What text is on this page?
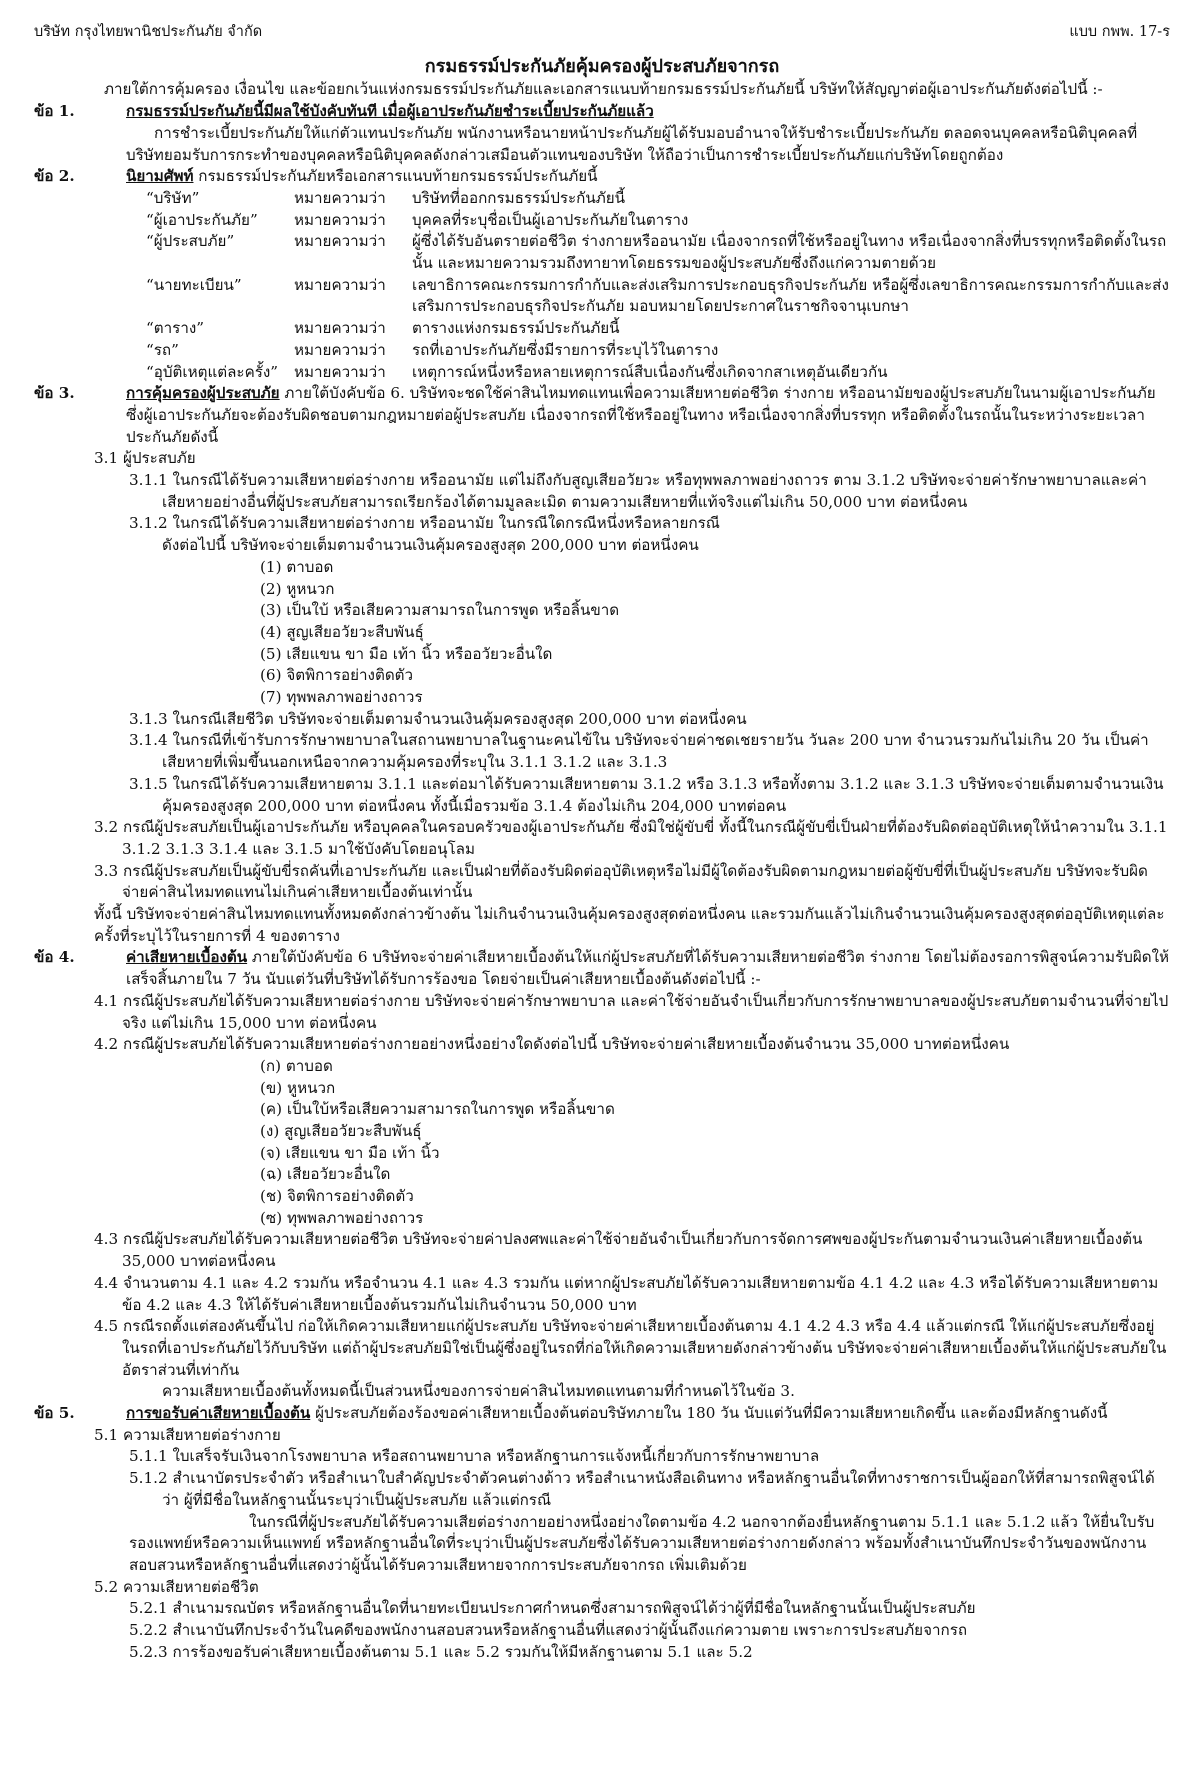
บริษัท กรุงไทยพานิชประกันภัย จำกัด	แบบ กพพ. 17-ร
กรมธรรม์ประกันภัยคุ้มครองผู้ประสบภัยจากรถ

ภายใต้การคุ้มครอง เงื่อนไข และข้อยกเว้นแห่งกรมธรรม์ประกันภัยและเอกสารแนบท้ายกรมธรรม์ประกันภัยนี้ บริษัทให้สัญญาต่อผู้เอาประกันภัยดังต่อไปนี้ :-

ข้อ 1.	กรมธรรม์ประกันภัยนี้มีผลใช้บังคับทันที เมื่อผู้เอาประกันภัยชำระเบี้ยประกันภัยแล้ว

การชำระเบี้ยประกันภัยให้แก่ตัวแทนประกันภัย พนักงานหรือนายหน้าประกันภัยผู้ได้รับมอบอำนาจให้รับชำระเบี้ยประกันภัย ตลอดจนบุคคลหรือนิติบุคคลที่บริษัทยอมรับการกระทำของบุคคลหรือนิติบุคคลดังกล่าวเสมือนตัวแทนของบริษัท ให้ถือว่าเป็นการชำระเบี้ยประกันภัยแก่บริษัทโดยถูกต้อง

ข้อ 2.	นิยามศัพท์ กรมธรรม์ประกันภัยหรือเอกสารแนบท้ายกรมธรรม์ประกันภัยนี้

“บริษัท”	หมายความว่า	บริษัทที่ออกกรมธรรม์ประกันภัยนี้
“ผู้เอาประกันภัย”	หมายความว่า	บุคคลที่ระบุชื่อเป็นผู้เอาประกันภัยในตาราง
“ผู้ประสบภัย”	หมายความว่า	ผู้ซึ่งได้รับอันตรายต่อชีวิต ร่างกายหรืออนามัย เนื่องจากรถที่ใช้หรืออยู่ในทาง หรือเนื่องจากสิ่งที่บรรทุกหรือติดตั้งในรถนั้น และหมายความรวมถึงทายาทโดยธรรมของผู้ประสบภัยซึ่งถึงแก่ความตายด้วย
“นายทะเบียน”	หมายความว่า	เลขาธิการคณะกรรมการกำกับและส่งเสริมการประกอบธุรกิจประกันภัย หรือผู้ซึ่งเลขาธิการคณะกรรมการกำกับและส่งเสริมการประกอบธุรกิจประกันภัย มอบหมายโดยประกาศในราชกิจจานุเบกษา
“ตาราง”	หมายความว่า	ตารางแห่งกรมธรรม์ประกันภัยนี้
“รถ”	หมายความว่า	รถที่เอาประกันภัยซึ่งมีรายการที่ระบุไว้ในตาราง
“อุบัติเหตุแต่ละครั้ง”	หมายความว่า	เหตุการณ์หนึ่งหรือหลายเหตุการณ์สืบเนื่องกันซึ่งเกิดจากสาเหตุอันเดียวกัน
ข้อ 3.	การคุ้มครองผู้ประสบภัย ภายใต้บังคับข้อ 6. บริษัทจะชดใช้ค่าสินไหมทดแทนเพื่อความเสียหายต่อชีวิต ร่างกาย หรืออนามัยของผู้ประสบภัยในนามผู้เอาประกันภัย ซึ่งผู้เอาประกันภัยจะต้องรับผิดชอบตามกฎหมายต่อผู้ประสบภัย เนื่องจากรถที่ใช้หรืออยู่ในทาง หรือเนื่องจากสิ่งที่บรรทุก หรือติดตั้งในรถนั้นในระหว่างระยะเวลาประกันภัยดังนี้

3.1 ผู้ประสบภัย

3.1.1 ในกรณีได้รับความเสียหายต่อร่างกาย หรืออนามัย แต่ไม่ถึงกับสูญเสียอวัยวะ หรือทุพพลภาพอย่างถาวร ตาม 3.1.2 บริษัทจะจ่ายค่ารักษาพยาบาลและค่าเสียหายอย่างอื่นที่ผู้ประสบภัยสามารถเรียกร้องได้ตามมูลละเมิด ตามความเสียหายที่แท้จริงแต่ไม่เกิน 50,000 บาท ต่อหนึ่งคน

3.1.2 ในกรณีได้รับความเสียหายต่อร่างกาย หรืออนามัย ในกรณีใดกรณีหนึ่งหรือหลายกรณี

ดังต่อไปนี้ บริษัทจะจ่ายเต็มตามจำนวนเงินคุ้มครองสูงสุด 200,000 บาท ต่อหนึ่งคน

(1) ตาบอด
(2) หูหนวก
(3) เป็นใบ้ หรือเสียความสามารถในการพูด หรือลิ้นขาด
(4) สูญเสียอวัยวะสืบพันธุ์
(5) เสียแขน ขา มือ เท้า นิ้ว หรืออวัยวะอื่นใด
(6) จิตพิการอย่างติดตัว
(7) ทุพพลภาพอย่างถาวร

3.1.3 ในกรณีเสียชีวิต บริษัทจะจ่ายเต็มตามจำนวนเงินคุ้มครองสูงสุด 200,000 บาท ต่อหนึ่งคน

3.1.4 ในกรณีที่เข้ารับการรักษาพยาบาลในสถานพยาบาลในฐานะคนไข้ใน บริษัทจะจ่ายค่าชดเชยรายวัน วันละ 200 บาท จำนวนรวมกันไม่เกิน 20 วัน เป็นค่าเสียหายที่เพิ่มขึ้นนอกเหนือจากความคุ้มครองที่ระบุใน 3.1.1 3.1.2 และ 3.1.3

3.1.5 ในกรณีได้รับความเสียหายตาม 3.1.1 และต่อมาได้รับความเสียหายตาม 3.1.2 หรือ 3.1.3 หรือทั้งตาม 3.1.2 และ 3.1.3 บริษัทจะจ่ายเต็มตามจำนวนเงินคุ้มครองสูงสุด 200,000 บาท ต่อหนึ่งคน ทั้งนี้เมื่อรวมข้อ 3.1.4 ต้องไม่เกิน 204,000 บาทต่อคน

3.2 กรณีผู้ประสบภัยเป็นผู้เอาประกันภัย หรือบุคคลในครอบครัวของผู้เอาประกันภัย ซึ่งมิใช่ผู้ขับขี่ ทั้งนี้ในกรณีผู้ขับขี่เป็นฝ่ายที่ต้องรับผิดต่ออุบัติเหตุให้นำความใน 3.1.1 3.1.2 3.1.3 3.1.4 และ 3.1.5 มาใช้บังคับโดยอนุโลม

3.3 กรณีผู้ประสบภัยเป็นผู้ขับขี่รถคันที่เอาประกันภัย และเป็นฝ่ายที่ต้องรับผิดต่ออุบัติเหตุหรือไม่มีผู้ใดต้องรับผิดตามกฎหมายต่อผู้ขับขี่ที่เป็นผู้ประสบภัย บริษัทจะรับผิดจ่ายค่าสินไหมทดแทนไม่เกินค่าเสียหายเบื้องต้นเท่านั้น

ทั้งนี้ บริษัทจะจ่ายค่าสินไหมทดแทนทั้งหมดดังกล่าวข้างต้น ไม่เกินจำนวนเงินคุ้มครองสูงสุดต่อหนึ่งคน และรวมกันแล้วไม่เกินจำนวนเงินคุ้มครองสูงสุดต่ออุบัติเหตุแต่ละครั้งที่ระบุไว้ในรายการที่ 4 ของตาราง

ข้อ 4.	ค่าเสียหายเบื้องต้น ภายใต้บังคับข้อ 6 บริษัทจะจ่ายค่าเสียหายเบื้องต้นให้แก่ผู้ประสบภัยที่ได้รับความเสียหายต่อชีวิต ร่างกาย โดยไม่ต้องรอการพิสูจน์ความรับผิดให้เสร็จสิ้นภายใน 7 วัน นับแต่วันที่บริษัทได้รับการร้องขอ โดยจ่ายเป็นค่าเสียหายเบื้องต้นดังต่อไปนี้ :-

4.1 กรณีผู้ประสบภัยได้รับความเสียหายต่อร่างกาย บริษัทจะจ่ายค่ารักษาพยาบาล และค่าใช้จ่ายอันจำเป็นเกี่ยวกับการรักษาพยาบาลของผู้ประสบภัยตามจำนวนที่จ่ายไปจริง แต่ไม่เกิน 15,000 บาท ต่อหนึ่งคน

4.2 กรณีผู้ประสบภัยได้รับความเสียหายต่อร่างกายอย่างหนึ่งอย่างใดดังต่อไปนี้ บริษัทจะจ่ายค่าเสียหายเบื้องต้นจำนวน 35,000 บาทต่อหนึ่งคน

(ก) ตาบอด
(ข) หูหนวก
(ค) เป็นใบ้หรือเสียความสามารถในการพูด หรือลิ้นขาด
(ง) สูญเสียอวัยวะสืบพันธุ์
(จ) เสียแขน ขา มือ เท้า นิ้ว
(ฉ) เสียอวัยวะอื่นใด
(ช) จิตพิการอย่างติดตัว
(ซ) ทุพพลภาพอย่างถาวร

4.3 กรณีผู้ประสบภัยได้รับความเสียหายต่อชีวิต บริษัทจะจ่ายค่าปลงศพและค่าใช้จ่ายอันจำเป็นเกี่ยวกับการจัดการศพของผู้ประกันตามจำนวนเงินค่าเสียหายเบื้องต้น 35,000 บาทต่อหนึ่งคน

4.4 จำนวนตาม 4.1 และ 4.2 รวมกัน หรือจำนวน 4.1 และ 4.3 รวมกัน แต่หากผู้ประสบภัยได้รับความเสียหายตามข้อ 4.1 4.2 และ 4.3 หรือได้รับความเสียหายตามข้อ 4.2 และ 4.3 ให้ได้รับค่าเสียหายเบื้องต้นรวมกันไม่เกินจำนวน 50,000 บาท

4.5 กรณีรถตั้งแต่สองคันขึ้นไป ก่อให้เกิดความเสียหายแก่ผู้ประสบภัย บริษัทจะจ่ายค่าเสียหายเบื้องต้นตาม 4.1 4.2 4.3 หรือ 4.4 แล้วแต่กรณี ให้แก่ผู้ประสบภัยซึ่งอยู่ในรถที่เอาประกันภัยไว้กับบริษัท แต่ถ้าผู้ประสบภัยมิใช่เป็นผู้ซึ่งอยู่ในรถที่ก่อให้เกิดความเสียหายดังกล่าวข้างต้น บริษัทจะจ่ายค่าเสียหายเบื้องต้นให้แก่ผู้ประสบภัยในอัตราส่วนที่เท่ากัน

ความเสียหายเบื้องต้นทั้งหมดนี้เป็นส่วนหนึ่งของการจ่ายค่าสินไหมทดแทนตามที่กำหนดไว้ในข้อ 3.

ข้อ 5.	การขอรับค่าเสียหายเบื้องต้น ผู้ประสบภัยต้องร้องขอค่าเสียหายเบื้องต้นต่อบริษัทภายใน 180 วัน นับแต่วันที่มีความเสียหายเกิดขึ้น และต้องมีหลักฐานดังนี้

5.1 ความเสียหายต่อร่างกาย

5.1.1 ใบเสร็จรับเงินจากโรงพยาบาล หรือสถานพยาบาล หรือหลักฐานการแจ้งหนี้เกี่ยวกับการรักษาพยาบาล

5.1.2 สำเนาบัตรประจำตัว หรือสำเนาใบสำคัญประจำตัวคนต่างด้าว หรือสำเนาหนังสือเดินทาง หรือหลักฐานอื่นใดที่ทางราชการเป็นผู้ออกให้ที่สามารถพิสูจน์ได้ว่า ผู้ที่มีชื่อในหลักฐานนั้นระบุว่าเป็นผู้ประสบภัย แล้วแต่กรณี

ในกรณีที่ผู้ประสบภัยได้รับความเสียต่อร่างกายอย่างหนึ่งอย่างใดตามข้อ 4.2 นอกจากต้องยื่นหลักฐานตาม 5.1.1 และ 5.1.2 แล้ว ให้ยื่นใบรับรองแพทย์หรือความเห็นแพทย์ หรือหลักฐานอื่นใดที่ระบุว่าเป็นผู้ประสบภัยซึ่งได้รับความเสียหายต่อร่างกายดังกล่าว พร้อมทั้งสำเนาบันทึกประจำวันของพนักงานสอบสวนหรือหลักฐานอื่นที่แสดงว่าผู้นั้นได้รับความเสียหายจากการประสบภัยจากรถ เพิ่มเติมด้วย

5.2 ความเสียหายต่อชีวิต

5.2.1 สำเนามรณบัตร หรือหลักฐานอื่นใดที่นายทะเบียนประกาศกำหนดซึ่งสามารถพิสูจน์ได้ว่าผู้ที่มีชื่อในหลักฐานนั้นเป็นผู้ประสบภัย

5.2.2 สำเนาบันทึกประจำวันในคดีของพนักงานสอบสวนหรือหลักฐานอื่นที่แสดงว่าผู้นั้นถึงแก่ความตาย เพราะการประสบภัยจากรถ

5.2.3 การร้องขอรับค่าเสียหายเบื้องต้นตาม 5.1 และ 5.2 รวมกันให้มีหลักฐานตาม 5.1 และ 5.2
